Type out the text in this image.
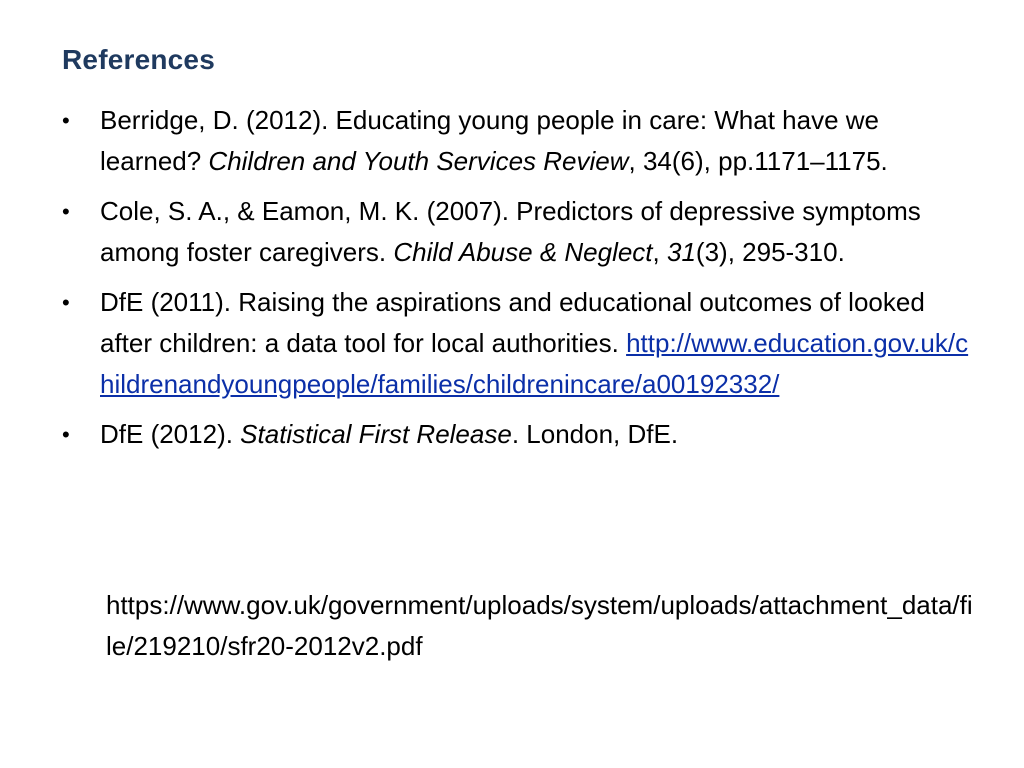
References
•	Berridge, D. (2012). Educating young people in care: What have we learned? Children and Youth Services Review, 34(6), pp.1171–1175.
•	Cole, S. A., & Eamon, M. K. (2007). Predictors of depressive symptoms among foster caregivers. Child Abuse & Neglect, 31(3), 295-310.
•	DfE (2011). Raising the aspirations and educational outcomes of looked after children: a data tool for local authorities. http://www.education.gov.uk/childrenandyoungpeople/families/childrenincare/a00192332/
•	DfE (2012). Statistical First Release. London, DfE.

https://www.gov.uk/government/uploads/system/uploads/attachment_data/file/219210/sfr20-2012v2.pdf
